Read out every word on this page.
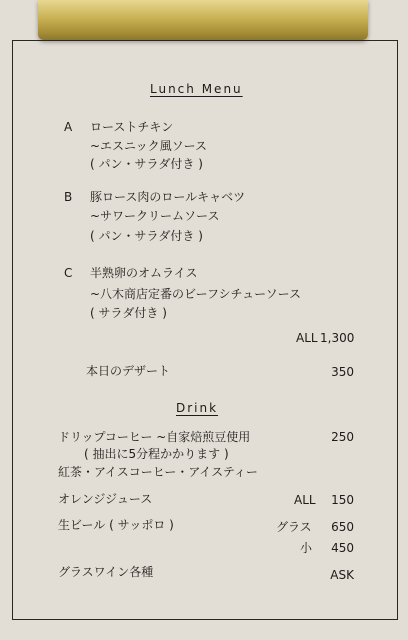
Lunch Menu
A ローストチキン
~エスニック風ソース
( パン・サラダ付き )
B 豚ロース肉のロールキャベツ
~サワークリームソース
( パン・サラダ付き )
C 半熟卵のオムライス
~八木商店定番のビーフシチューソース
( サラダ付き )
ALL 1,300
本日のデザート	350
Drink
ドリップコーヒー ~自家焙煎豆使用	250
( 抽出に5分程かかります )
紅茶・アイスコーヒー・アイスティー
オレンジジュース	ALL	150
生ビール ( サッポロ )	グラス	650
小	450
グラスワイン各種	ASK
